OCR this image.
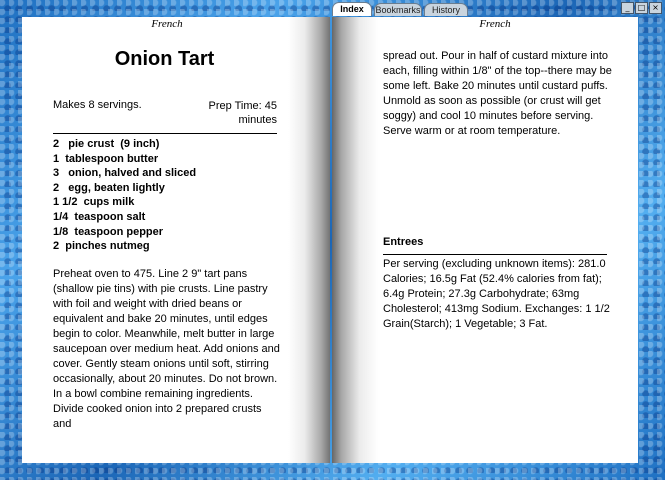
Index	Bookmarks	History	_	□ ×
French
Onion Tart
Makes 8 servings.	Prep Time: 45 minutes
2   pie crust  (9 inch)
1  tablespoon butter
3   onion, halved and sliced
2   egg, beaten lightly
1 1/2  cups milk
1/4  teaspoon salt
1/8  teaspoon pepper
2  pinches nutmeg
Preheat oven to 475. Line 2 9" tart pans (shallow pie tins) with pie crusts. Line pastry with foil and weight with dried beans or equivalent and bake 20 minutes, until edges begin to color. Meanwhile, melt butter in large saucepoan over medium heat. Add onions and cover. Gently steam onions until soft, stirring occasionally, about 20 minutes. Do not brown. In a bowl combine remaining ingredients. Divide cooked onion into 2 prepared crusts and
French
spread out. Pour in half of custard mixture into each, filling within 1/8" of the top--there may be some left. Bake 20 minutes until custard puffs. Unmold as soon as possible (or crust will get soggy) and cool 10 minutes before serving. Serve warm or at room temperature.
Entrees
Per serving (excluding unknown items): 281.0 Calories; 16.5g Fat (52.4% calories from fat); 6.4g Protein; 27.3g Carbohydrate; 63mg Cholesterol; 413mg Sodium. Exchanges: 1 1/2 Grain(Starch); 1 Vegetable; 3 Fat.
